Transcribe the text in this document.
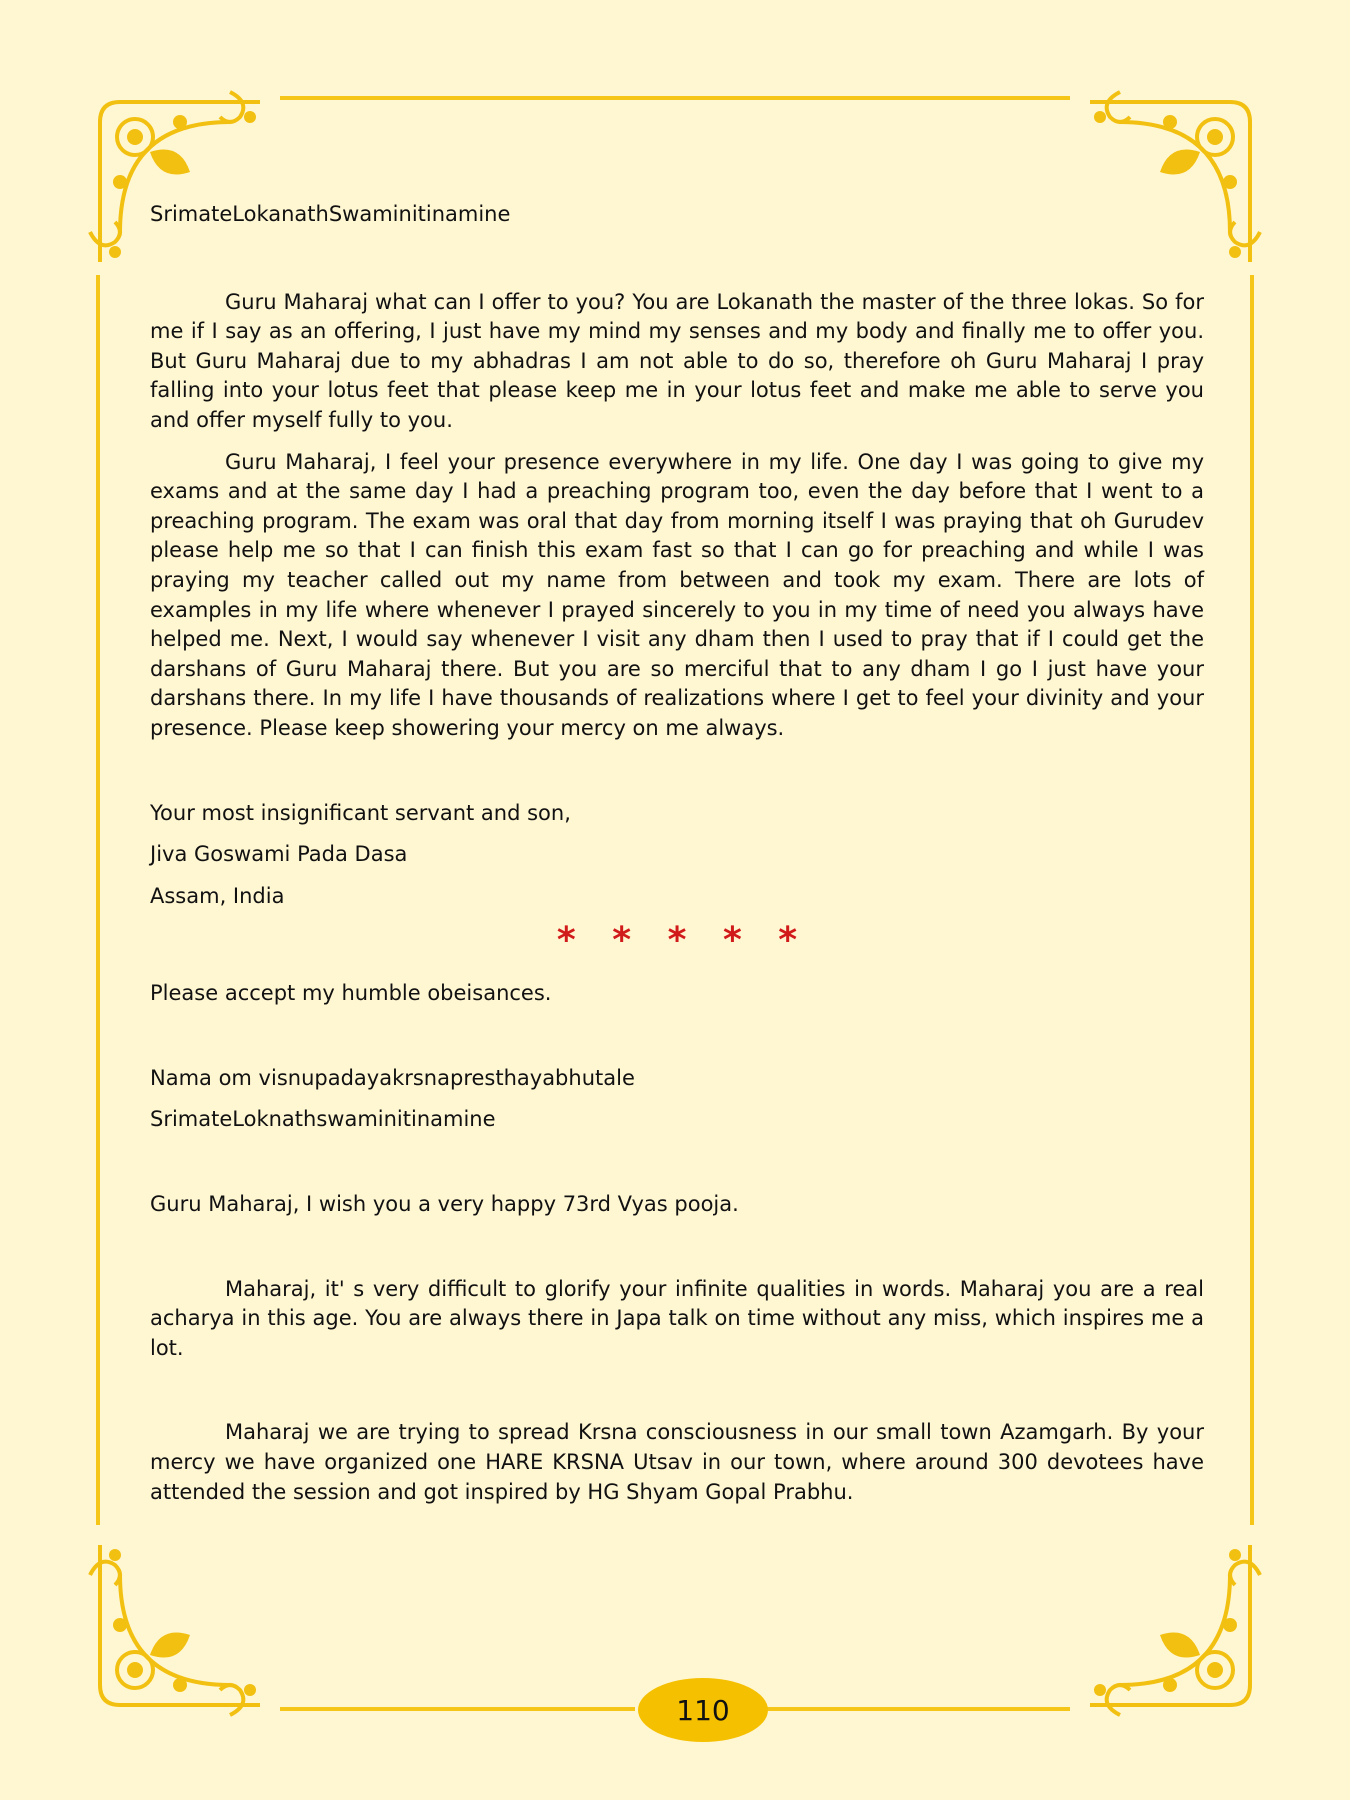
SrimateLokanathSwaminitinamine

Guru Maharaj what can I offer to you? You are Lokanath the master of the three lokas. So for me if I say as an offering, I just have my mind my senses and my body and finally me to offer you. But Guru Maharaj due to my abhadras I am not able to do so, therefore oh Guru Maharaj I pray falling into your lotus feet that please keep me in your lotus feet and make me able to serve you and offer myself fully to you.

Guru Maharaj, I feel your presence everywhere in my life. One day I was going to give my exams and at the same day I had a preaching program too, even the day before that I went to a preaching program. The exam was oral that day from morning itself I was praying that oh Gurudev please help me so that I can finish this exam fast so that I can go for preaching and while I was praying my teacher called out my name from between and took my exam. There are lots of examples in my life where whenever I prayed sincerely to you in my time of need you always have helped me. Next, I would say whenever I visit any dham then I used to pray that if I could get the darshans of Guru Maharaj there. But you are so merciful that to any dham I go I just have your darshans there. In my life I have thousands of realizations where I get to feel your divinity and your presence. Please keep showering your mercy on me always.

Your most insignificant servant and son,

Jiva Goswami Pada Dasa

Assam, India

* * * * *

Please accept my humble obeisances.

Nama om visnupadayakrsnapresthayabhutale

SrimateLoknathswaminitinamine

Guru Maharaj, I wish you a very happy 73rd Vyas pooja.

Maharaj, it' s very difficult to glorify your infinite qualities in words. Maharaj you are a real acharya in this age. You are always there in Japa talk on time without any miss, which inspires me a lot.

Maharaj we are trying to spread Krsna consciousness in our small town Azamgarh. By your mercy we have organized one HARE KRSNA Utsav in our town, where around 300 devotees have attended the session and got inspired by HG Shyam Gopal Prabhu.

110
